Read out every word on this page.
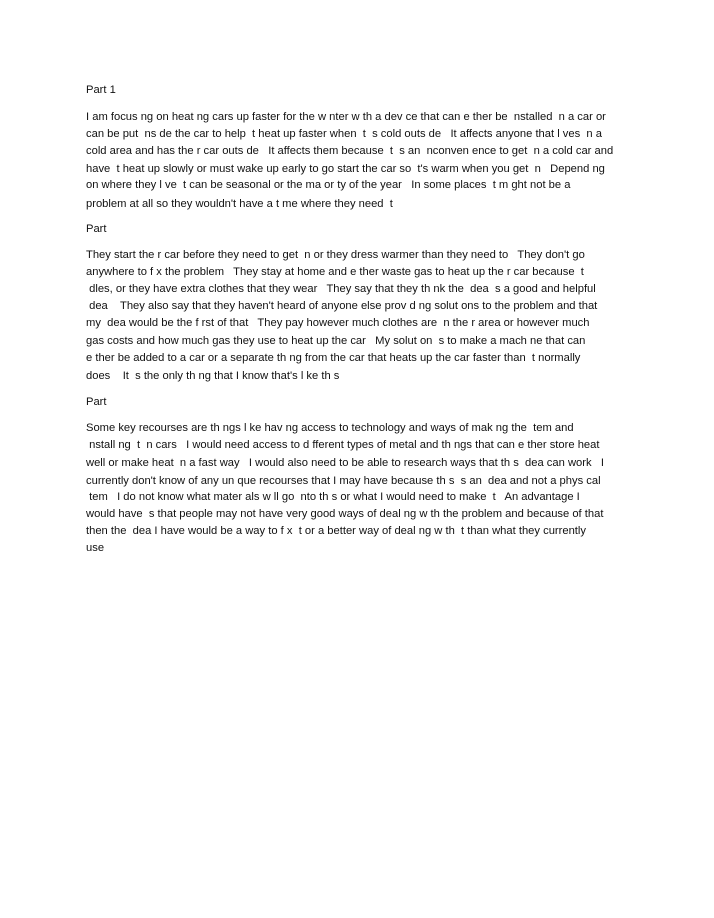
Part 1
I am focus ng on heat ng cars up faster for the w nter w th a dev ce that can e ther be  nstalled  n a car or
can be put  ns de the car to help  t heat up faster when  t  s cold outs de   It affects anyone that l ves  n a
cold area and has the r car outs de   It affects them because  t  s an  nconven ence to get  n a cold car and
have  t heat up slowly or must wake up early to go start the car so  t's warm when you get  n   Depend ng
on where they l ve  t can be seasonal or the ma or ty of the year   In some places  t m ght not be a
problem at all so they wouldn't have a t me where they need  t
Part
They start the r car before they need to get  n or they dress warmer than they need to   They don't go
anywhere to f x the problem   They stay at home and e ther waste gas to heat up the r car because  t
dles, or they have extra clothes that they wear   They say that they th nk the  dea  s a good and helpful
dea    They also say that they haven't heard of anyone else prov d ng solut ons to the problem and that
my  dea would be the f rst of that   They pay however much clothes are  n the r area or however much
gas costs and how much gas they use to heat up the car   My solut on  s to make a mach ne that can
e ther be added to a car or a separate th ng from the car that heats up the car faster than  t normally
does    It  s the only th ng that I know that's l ke th s
Part
Some key recourses are th ngs l ke hav ng access to technology and ways of mak ng the  tem and
nstall ng  t  n cars   I would need access to d fferent types of metal and th ngs that can e ther store heat
well or make heat  n a fast way   I would also need to be able to research ways that th s  dea can work   I
currently don't know of any un que recourses that I may have because th s  s an  dea and not a phys cal
tem   I do not know what mater als w ll go  nto th s or what I would need to make  t   An advantage I
would have  s that people may not have very good ways of deal ng w th the problem and because of that
then the  dea I have would be a way to f x  t or a better way of deal ng w th  t than what they currently
use
